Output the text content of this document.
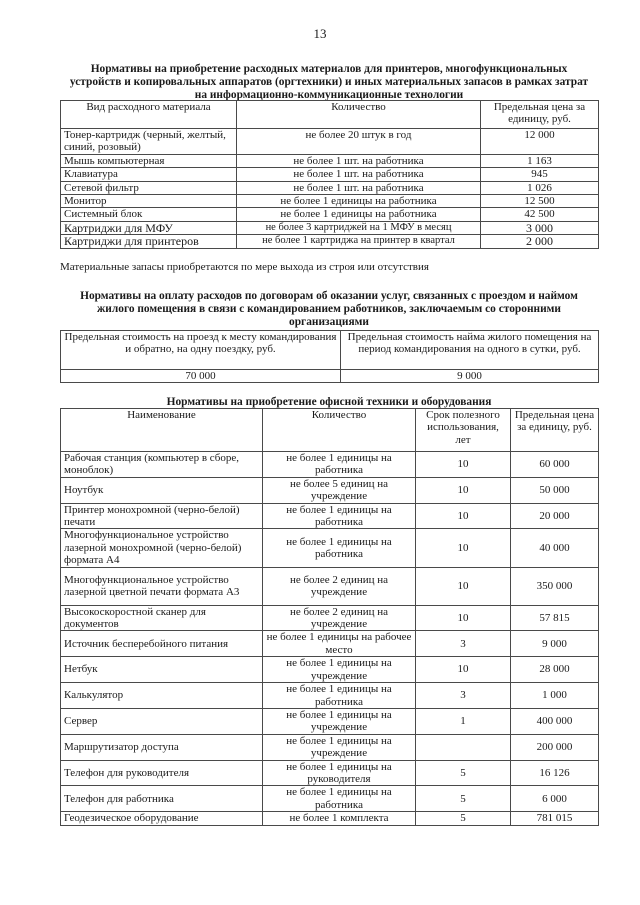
13
Нормативы на приобретение расходных материалов для принтеров, многофункциональных
устройств и копировальных аппаратов (оргтехники) и иных материальных запасов в рамках затрат
на информационно-коммуникационные технологии
Вид расходного материала	Количество	Предельная цена за единицу, руб.
Тонер-картридж (черный, желтый, синий, розовый)	не более 20 штук в год	12 000
Мышь компьютерная	не более 1 шт. на работника	1 163
Клавиатура	не более 1 шт. на работника	945
Сетевой фильтр	не более 1 шт. на работника	1 026
Монитор	не более 1 единицы на работника	12 500
Системный блок	не более 1 единицы на работника	42 500
Картриджи для МФУ	не более 3 картриджей на 1 МФУ в месяц	3 000
Картриджи для принтеров	не более 1 картриджа на принтер в квартал	2 000
Материальные запасы приобретаются по мере выхода из строя или отсутствия
Нормативы на оплату расходов по договорам об оказании услуг, связанных с проездом и наймом
жилого помещения в связи с командированием работников, заключаемым со сторонними
организациями
Предельная стоимость на проезд к месту командирования и обратно, на одну поездку, руб.	Предельная стоимость найма жилого помещения на период командирования на одного в сутки, руб.
70 000	9 000
Нормативы на приобретение офисной техники и оборудования
Наименование	Количество	Срок полезного использования, лет	Предельная цена за единицу, руб.
Рабочая станция (компьютер в сборе, моноблок)	не более 1 единицы на работника	10	60 000
Ноутбук	не более 5 единиц на учреждение	10	50 000
Принтер монохромной (черно-белой) печати	не более 1 единицы на работника	10	20 000
Многофункциональное устройство лазерной монохромной (черно-белой) формата А4	не более 1 единицы на работника	10	40 000
Многофункциональное устройство лазерной цветной печати формата А3	не более 2 единиц на учреждение	10	350 000
Высокоскоростной сканер для документов	не более 2 единиц на учреждение	10	57 815
Источник бесперебойного питания	не более 1 единицы на рабочее место	3	9 000
Нетбук	не более 1 единицы на учреждение	10	28 000
Калькулятор	не более 1 единицы на работника	3	1 000
Сервер	не более 1 единицы на учреждение	1	400 000
Маршрутизатор доступа	не более 1 единицы на учреждение		200 000
Телефон для руководителя	не более 1 единицы на руководителя	5	16 126
Телефон для работника	не более 1 единицы на работника	5	6 000
Геодезическое оборудование	не более 1 комплекта	5	781 015
